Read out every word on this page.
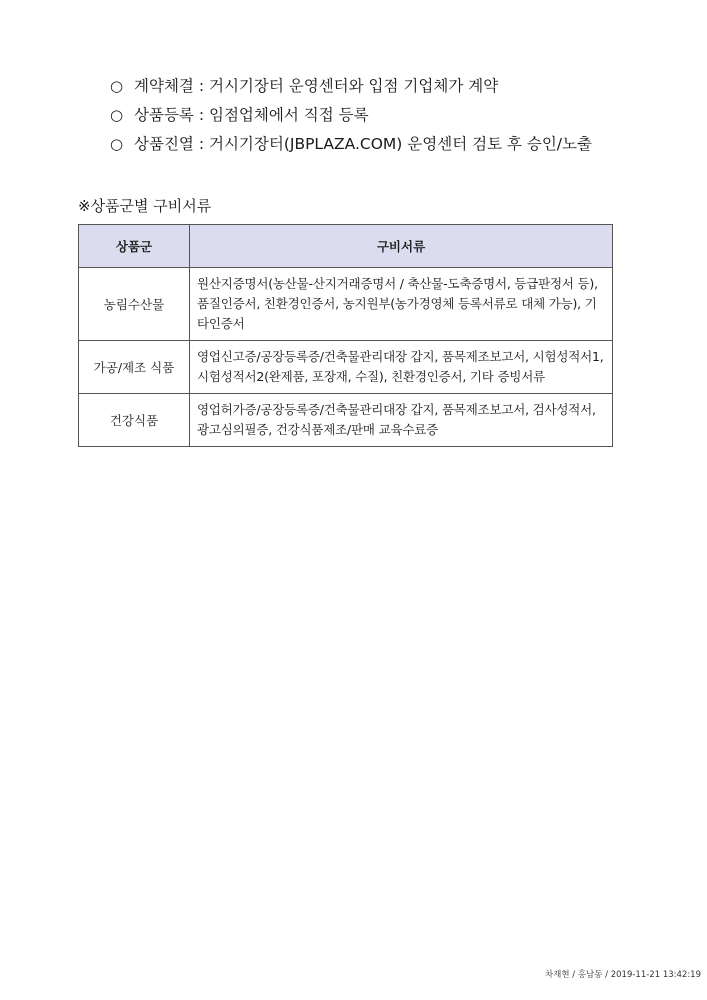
○ 계약체결 : 거시기장터 운영센터와 입점 기업체가 계약
○ 상품등록 : 임점업체에서 직접 등록
○ 상품진열 : 거시기장터(JBPLAZA.COM) 운영센터 검토 후 승인/노출
※상품군별 구비서류
상품군	구비서류
농림수산물	원산지증명서(농산물-산지거래증명서 / 축산물-도축증명서, 등급판정서 등), 품질인증서, 친환경인증서, 농지원부(농가경영체 등록서류로 대체 가능), 기타인증서
가공/제조 식품	영업신고증/공장등록증/건축물관리대장 갑지, 품목제조보고서, 시험성적서1, 시험성적서2(완제품, 포장재, 수질), 친환경인증서, 기타 증빙서류
건강식품	영업허가증/공장등록증/건축물관리대장 갑지, 품목제조보고서, 검사성적서, 광고심의필증, 건강식품제조/판매 교육수료증
차재현 / 홍남동 / 2019-11-21 13:42:19
